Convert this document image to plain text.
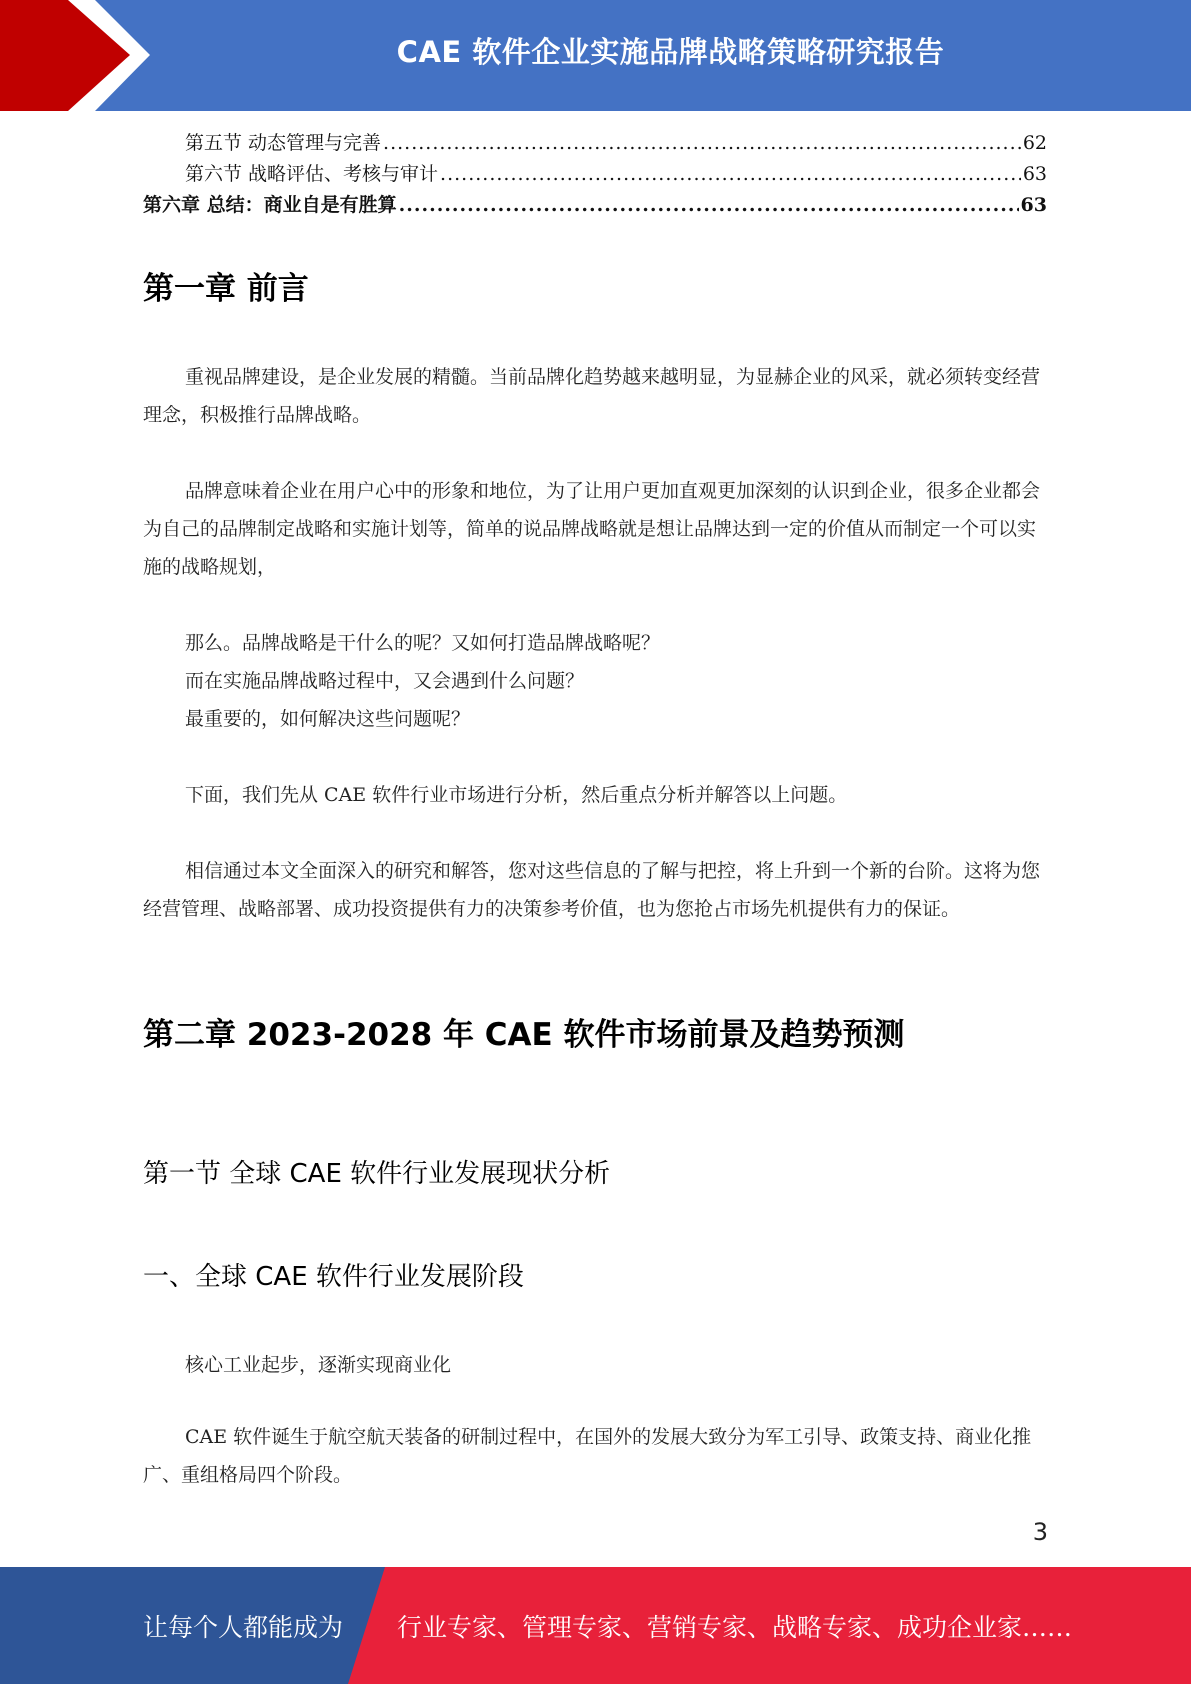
CAE 软件企业实施品牌战略策略研究报告
第五节 动态管理与完善 .....	62
第六节 战略评估、考核与审计 .....	63
第六章 总结：商业自是有胜算 .....	63
第一章 前言

重视品牌建设，是企业发展的精髓。当前品牌化趋势越来越明显，为显赫企业的风采，就必须转变经营理念，积极推行品牌战略。

品牌意味着企业在用户心中的形象和地位，为了让用户更加直观更加深刻的认识到企业，很多企业都会为自己的品牌制定战略和实施计划等，简单的说品牌战略就是想让品牌达到一定的价值从而制定一个可以实施的战略规划，

那么。品牌战略是干什么的呢？又如何打造品牌战略呢？
而在实施品牌战略过程中，又会遇到什么问题？
最重要的，如何解决这些问题呢？

下面，我们先从 CAE 软件行业市场进行分析，然后重点分析并解答以上问题。

相信通过本文全面深入的研究和解答，您对这些信息的了解与把控，将上升到一个新的台阶。这将为您经营管理、战略部署、成功投资提供有力的决策参考价值，也为您抢占市场先机提供有力的保证。

第二章 2023-2028 年 CAE 软件市场前景及趋势预测
第一节 全球 CAE 软件行业发展现状分析
一、全球 CAE 软件行业发展阶段

核心工业起步，逐渐实现商业化

CAE 软件诞生于航空航天装备的研制过程中，在国外的发展大致分为军工引导、政策支持、商业化推广、重组格局四个阶段。

3
让每个人都能成为 行业专家、管理专家、营销专家、战略专家、成功企业家……
